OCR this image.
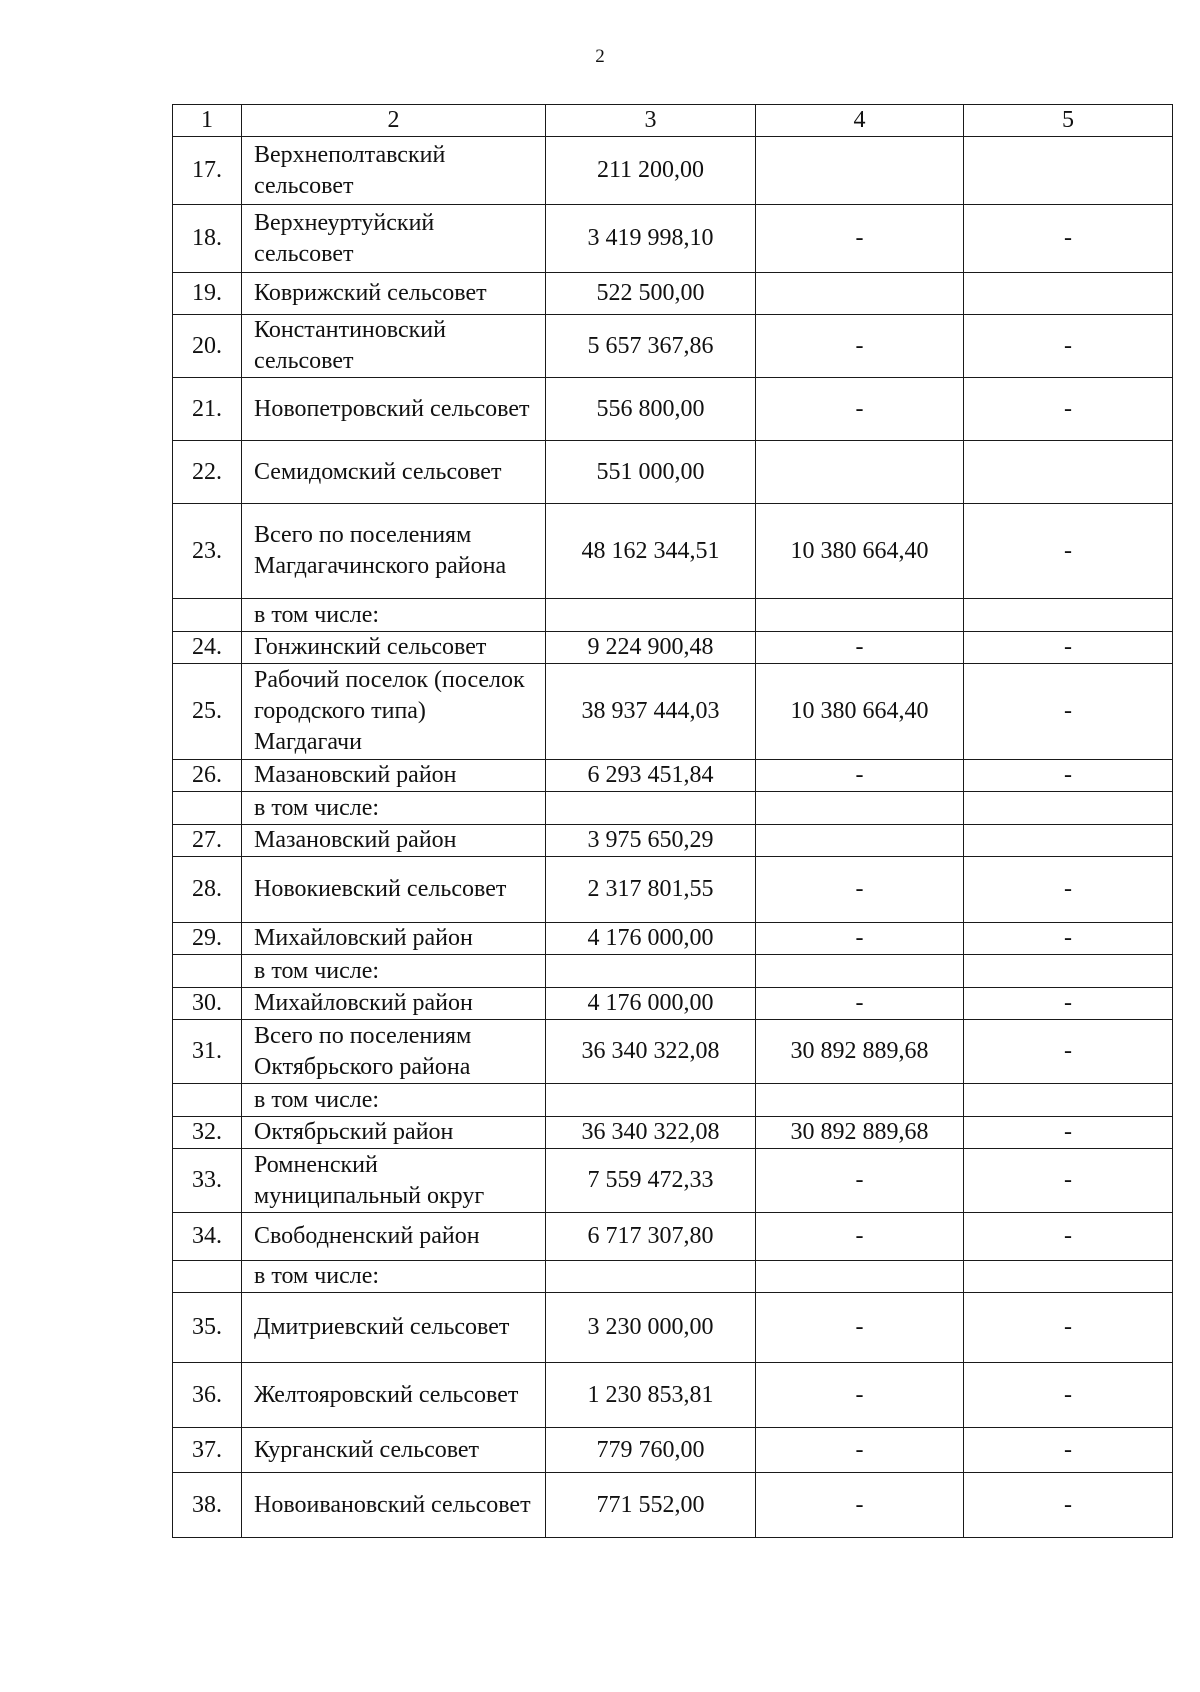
2
1	2	3	4	5
17.	Верхнеполтавский сельсовет	211 200,00		
18.	Верхнеуртуйский сельсовет	3 419 998,10	-	-
19.	Коврижский сельсовет	522 500,00		
20.	Константиновский сельсовет	5 657 367,86	-	-
21.	Новопетровский сельсовет	556 800,00	-	-
22.	Семидомский сельсовет	551 000,00		
23.	Всего по поселениям Магдагачинского района	48 162 344,51	10 380 664,40	-
	в том числе:			
24.	Гонжинский сельсовет	9 224 900,48	-	-
25.	Рабочий поселок (поселок городского типа) Магдагачи	38 937 444,03	10 380 664,40	-
26.	Мазановский район	6 293 451,84	-	-
	в том числе:			
27.	Мазановский район	3 975 650,29		
28.	Новокиевский сельсовет	2 317 801,55	-	-
29.	Михайловский район	4 176 000,00	-	-
	в том числе:			
30.	Михайловский район	4 176 000,00	-	-
31.	Всего по поселениям Октябрьского района	36 340 322,08	30 892 889,68	-
	в том числе:			
32.	Октябрьский район	36 340 322,08	30 892 889,68	-
33.	Ромненский муниципальный округ	7 559 472,33	-	-
34.	Свободненский район	6 717 307,80	-	-
	в том числе:			
35.	Дмитриевский сельсовет	3 230 000,00	-	-
36.	Желтояровский сельсовет	1 230 853,81	-	-
37.	Курганский сельсовет	779 760,00	-	-
38.	Новоивановский сельсовет	771 552,00	-	-
